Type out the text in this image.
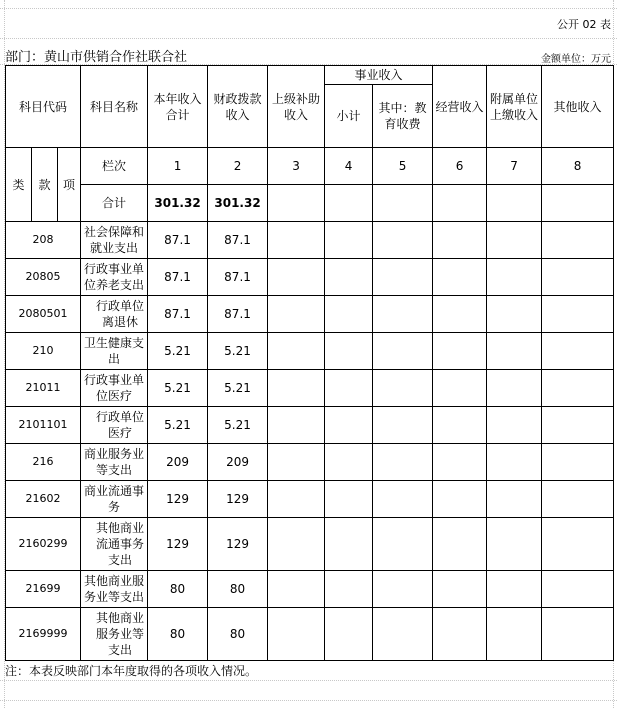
公开 02 表
部门：黄山市供销合作社联合社	金额单位：万元
科目代码			科目名称	本年收入合计	财政拨款收入	上级补助收入	事业收入		经营收入	附属单位上缴收入	其他收入
							小计	其中：教育收费			

类	款	项	栏次	1	2	3	4	5	6	7	8
			合计	301.32	301.32						
208			社会保障和就业支出	87.1	87.1						
20805			行政事业单位养老支出	87.1	87.1						
2080501			行政单位离退休	87.1	87.1						
210			卫生健康支出	5.21	5.21						
21011			行政事业单位医疗	5.21	5.21						
2101101			行政单位医疗	5.21	5.21						
216			商业服务业等支出	209	209						
21602			商业流通事务	129	129						
2160299			其他商业流通事务支出	129	129						
21699			其他商业服务业等支出	80	80						
2169999			其他商业服务业等支出	80	80						
注：本表反映部门本年度取得的各项收入情况。
